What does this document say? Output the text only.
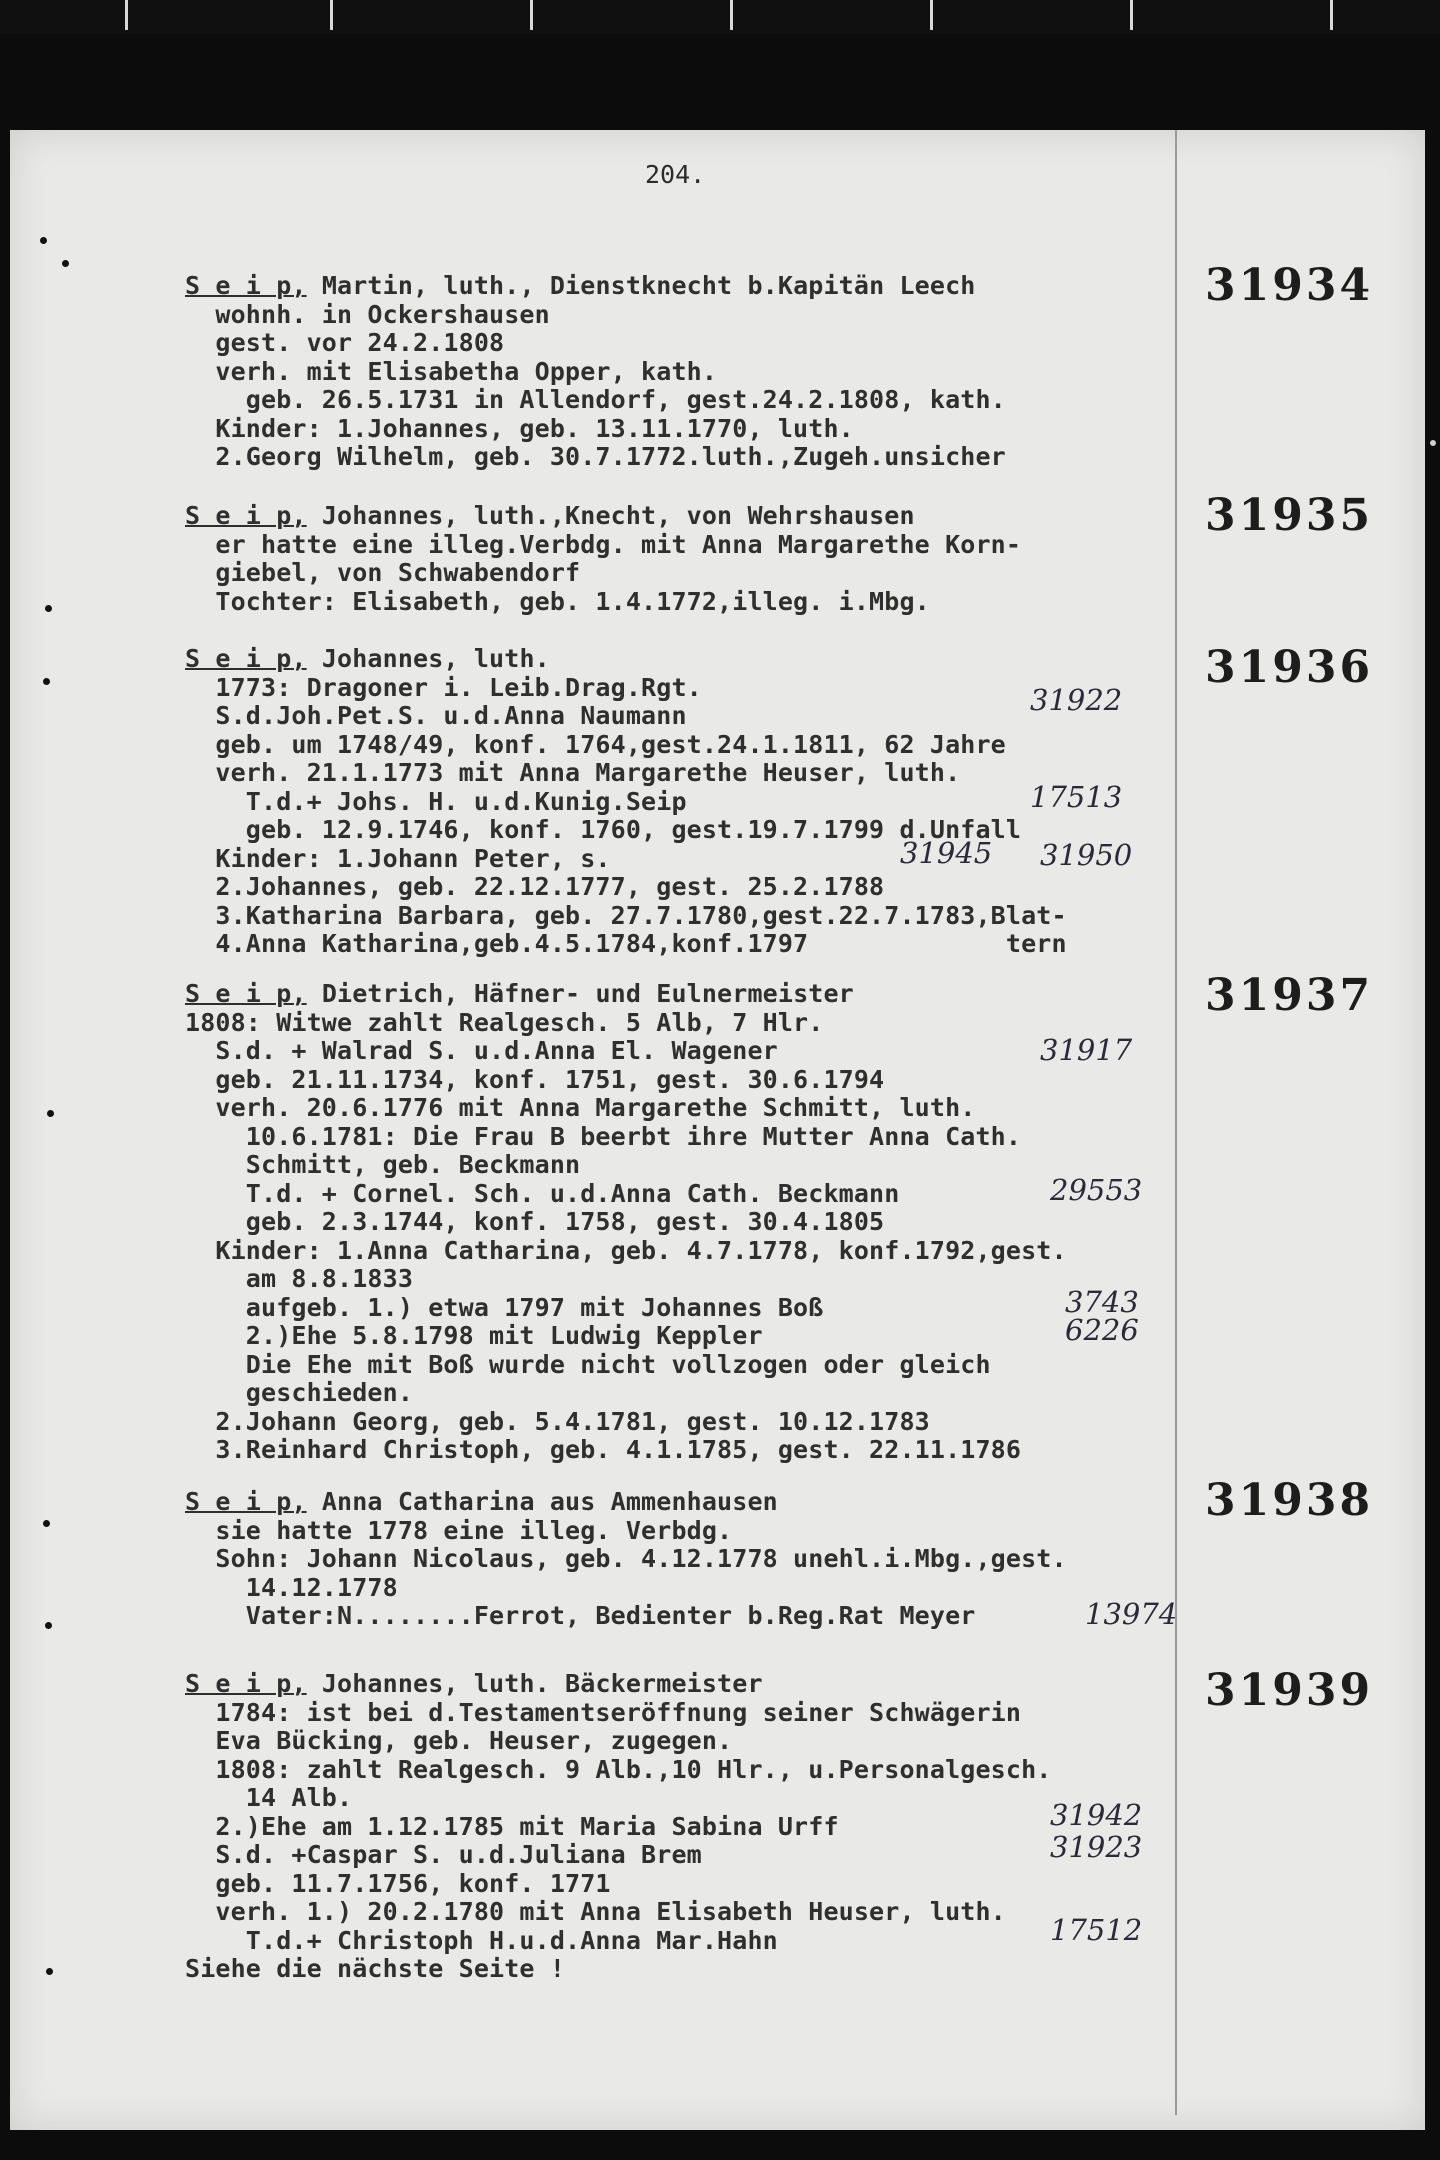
204.
31934
S e i p, Martin, luth., Dienstknecht b.Kapitän Leech
wohnh. in Ockershausen
gest. vor 24.2.1808
verh. mit Elisabetha Opper, kath.
geb. 26.5.1731 in Allendorf, gest.24.2.1808, kath.
Kinder: 1.Johannes, geb. 13.11.1770, luth.
2.Georg Wilhelm, geb. 30.7.1772.luth.,Zugeh.unsicher
31935
S e i p, Johannes, luth.,Knecht, von Wehrshausen
er hatte eine illeg.Verbdg. mit Anna Margarethe Korn-
giebel, von Schwabendorf
Tochter: Elisabeth, geb. 1.4.1772,illeg. i.Mbg.
31936
S e i p, Johannes, luth.
1773: Dragoner i. Leib.Drag.Rgt.
S.d.Joh.Pet.S. u.d.Anna Naumann
geb. um 1748/49, konf. 1764,gest.24.1.1811, 62 Jahre
verh. 21.1.1773 mit Anna Margarethe Heuser, luth.
T.d.+ Johs. H. u.d.Kunig.Seip
geb. 12.9.1746, konf. 1760, gest.19.7.1799 d.Unfall
Kinder: 1.Johann Peter, s.
2.Johannes, geb. 22.12.1777, gest. 25.2.1788
3.Katharina Barbara, geb. 27.7.1780,gest.22.7.1783,Blat-
4.Anna Katharina,geb.4.5.1784,konf.1797             tern
31922
17513
31945 31950
31937
S e i p, Dietrich, Häfner- und Eulnermeister
1808: Witwe zahlt Realgesch. 5 Alb, 7 Hlr.
S.d. + Walrad S. u.d.Anna El. Wagener
geb. 21.11.1734, konf. 1751, gest. 30.6.1794
verh. 20.6.1776 mit Anna Margarethe Schmitt, luth.
10.6.1781: Die Frau B beerbt ihre Mutter Anna Cath.
Schmitt, geb. Beckmann
T.d. + Cornel. Sch. u.d.Anna Cath. Beckmann
geb. 2.3.1744, konf. 1758, gest. 30.4.1805
Kinder: 1.Anna Catharina, geb. 4.7.1778, konf.1792,gest.
am 8.8.1833
aufgeb. 1.) etwa 1797 mit Johannes Boß
2.)Ehe 5.8.1798 mit Ludwig Keppler
Die Ehe mit Boß wurde nicht vollzogen oder gleich
geschieden.
2.Johann Georg, geb. 5.4.1781, gest. 10.12.1783
3.Reinhard Christoph, geb. 4.1.1785, gest. 22.11.1786
31917
29553
3743
6226
31938
S e i p, Anna Catharina aus Ammenhausen
sie hatte 1778 eine illeg. Verbdg.
Sohn: Johann Nicolaus, geb. 4.12.1778 unehl.i.Mbg.,gest.
14.12.1778
Vater:N........Ferrot, Bedienter b.Reg.Rat Meyer	13974
31939
S e i p, Johannes, luth. Bäckermeister
1784: ist bei d.Testamentseröffnung seiner Schwägerin
Eva Bücking, geb. Heuser, zugegen.
1808: zahlt Realgesch. 9 Alb.,10 Hlr., u.Personalgesch.
14 Alb.
2.)Ehe am 1.12.1785 mit Maria Sabina Urff
S.d. +Caspar S. u.d.Juliana Brem
geb. 11.7.1756, konf. 1771
verh. 1.) 20.2.1780 mit Anna Elisabeth Heuser, luth.
T.d.+ Christoph H.u.d.Anna Mar.Hahn
Siehe die nächste Seite !
31942
31923
17512
